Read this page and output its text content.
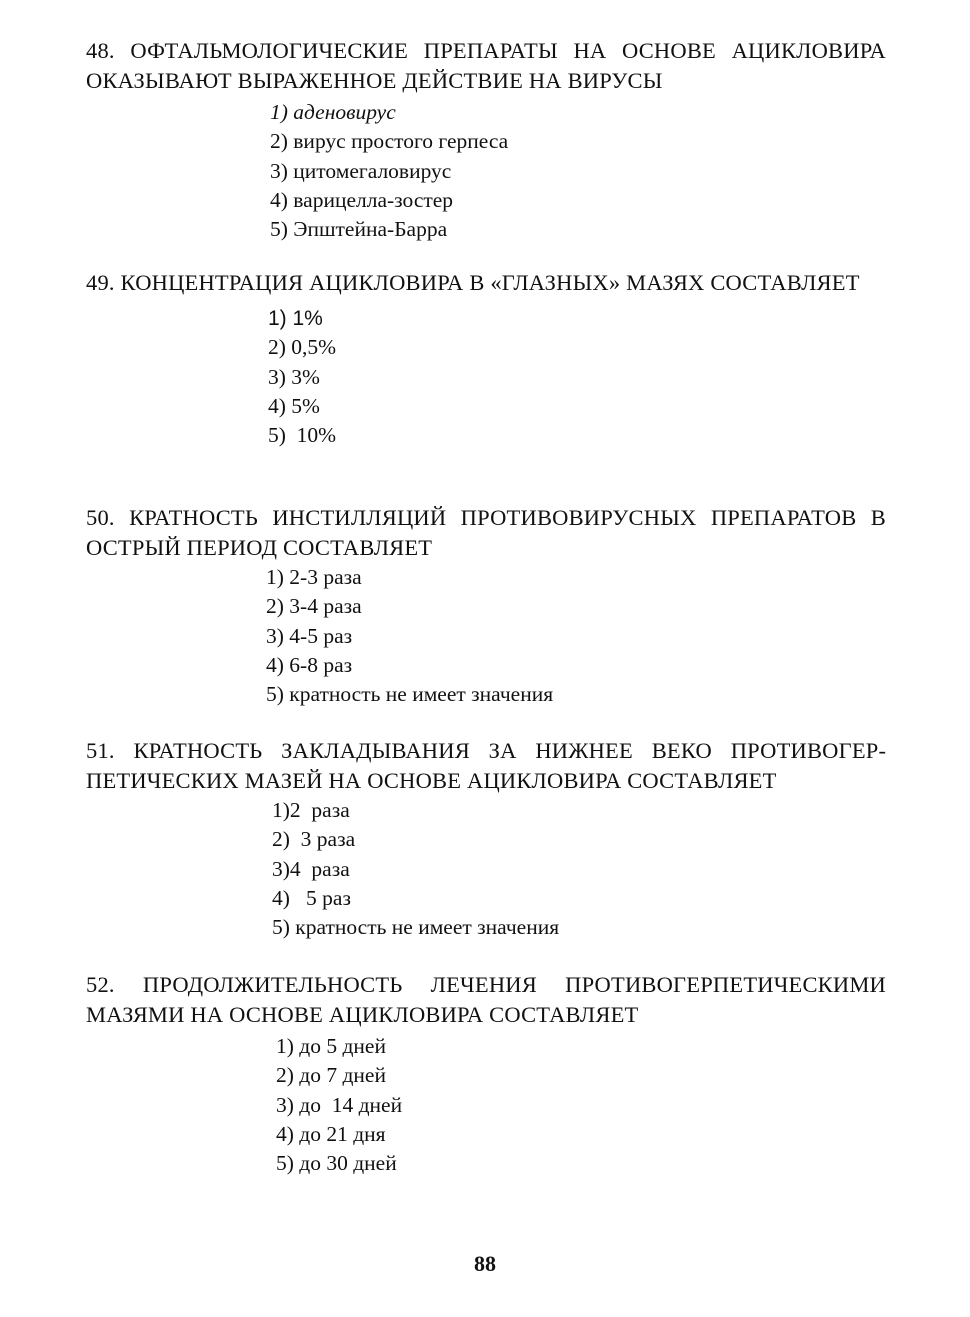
48. ОФТАЛЬМОЛОГИЧЕСКИЕ ПРЕПАРАТЫ НА ОСНОВЕ АЦИКЛОВИРА ОКАЗЫВАЮТ ВЫРАЖЕННОЕ ДЕЙСТВИЕ НА ВИРУСЫ

1) аденовирус
2) вирус простого герпеса
3) цитомегаловирус
4) варицелла-зостер
5) Эпштейна-Барра

49. КОНЦЕНТРАЦИЯ АЦИКЛОВИРА В «ГЛАЗНЫХ» МАЗЯХ СОСТАВЛЯЕТ

1) 1%
2) 0,5%
3) 3%
4) 5%
5)  10%

50. КРАТНОСТЬ ИНСТИЛЛЯЦИЙ ПРОТИВОВИРУСНЫХ ПРЕПАРАТОВ В ОСТРЫЙ ПЕРИОД СОСТАВЛЯЕТ

1) 2-3 раза
2) 3-4 раза
3) 4-5 раз
4) 6-8 раз
5) кратность не имеет значения

51. КРАТНОСТЬ ЗАКЛАДЫВАНИЯ ЗА НИЖНЕЕ ВЕКО ПРОТИВОГЕРПЕТИЧЕСКИХ МАЗЕЙ НА ОСНОВЕ АЦИКЛОВИРА СОСТАВЛЯЕТ

1)2  раза
2)  3 раза
3)4  раза
4)   5 раз
5) кратность не имеет значения

52. ПРОДОЛЖИТЕЛЬНОСТЬ ЛЕЧЕНИЯ ПРОТИВОГЕРПЕТИЧЕСКИМИ МАЗЯМИ НА ОСНОВЕ АЦИКЛОВИРА СОСТАВЛЯЕТ

1) до 5 дней
2) до 7 дней
3) до  14 дней
4) до 21 дня
5) до 30 дней
88
